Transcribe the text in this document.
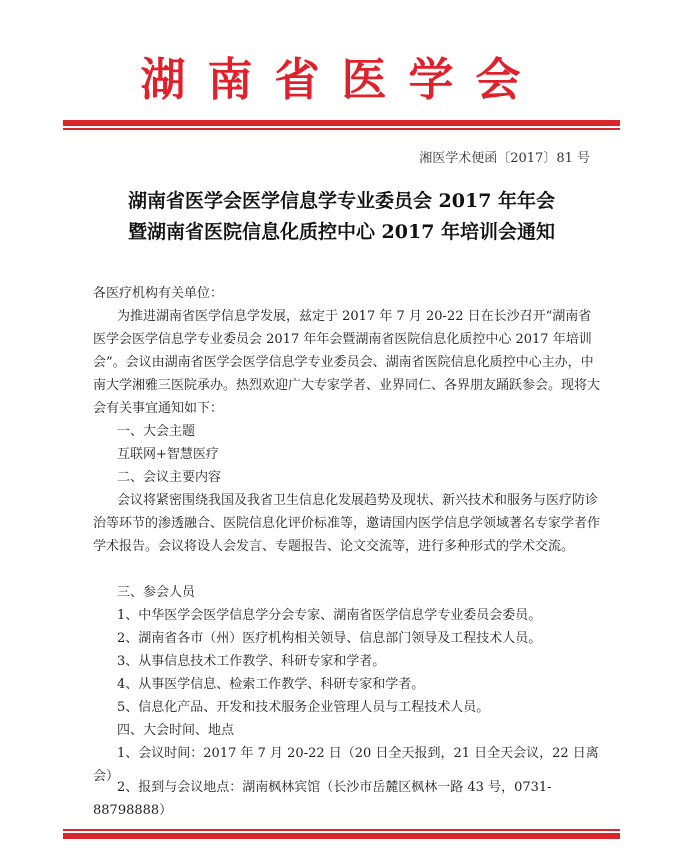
湖南省医学会
湘医学术便函〔2017〕81 号
湖南省医学会医学信息学专业委员会 2017 年年会
暨湖南省医院信息化质控中心 2017 年培训会通知
各医疗机构有关单位：
为推进湖南省医学信息学发展，兹定于 2017 年 7 月 20-22 日在长沙召开“湖南省医学会医学信息学专业委员会 2017 年年会暨湖南省医院信息化质控中心 2017 年培训会”。会议由湖南省医学会医学信息学专业委员会、湖南省医院信息化质控中心主办，中南大学湘雅三医院承办。热烈欢迎广大专家学者、业界同仁、各界朋友踊跃参会。现将大会有关事宜通知如下：
一、大会主题
互联网+智慧医疗
二、会议主要内容
会议将紧密围绕我国及我省卫生信息化发展趋势及现状、新兴技术和服务与医疗防诊治等环节的渗透融合、医院信息化评价标准等，邀请国内医学信息学领域著名专家学者作学术报告。会议将设人会发言、专题报告、论文交流等，进行多种形式的学术交流。
三、参会人员
1、中华医学会医学信息学分会专家、湖南省医学信息学专业委员会委员。
2、湖南省各市（州）医疗机构相关领导、信息部门领导及工程技术人员。
3、从事信息技术工作教学、科研专家和学者。
4、从事医学信息、检索工作教学、科研专家和学者。
5、信息化产品、开发和技术服务企业管理人员与工程技术人员。
四、大会时间、地点
1、会议时间：2017 年 7 月 20-22 日（20 日全天报到，21 日全天会议，22 日离会）
2、报到与会议地点：湖南枫林宾馆（长沙市岳麓区枫林一路 43 号，0731-88798888）
